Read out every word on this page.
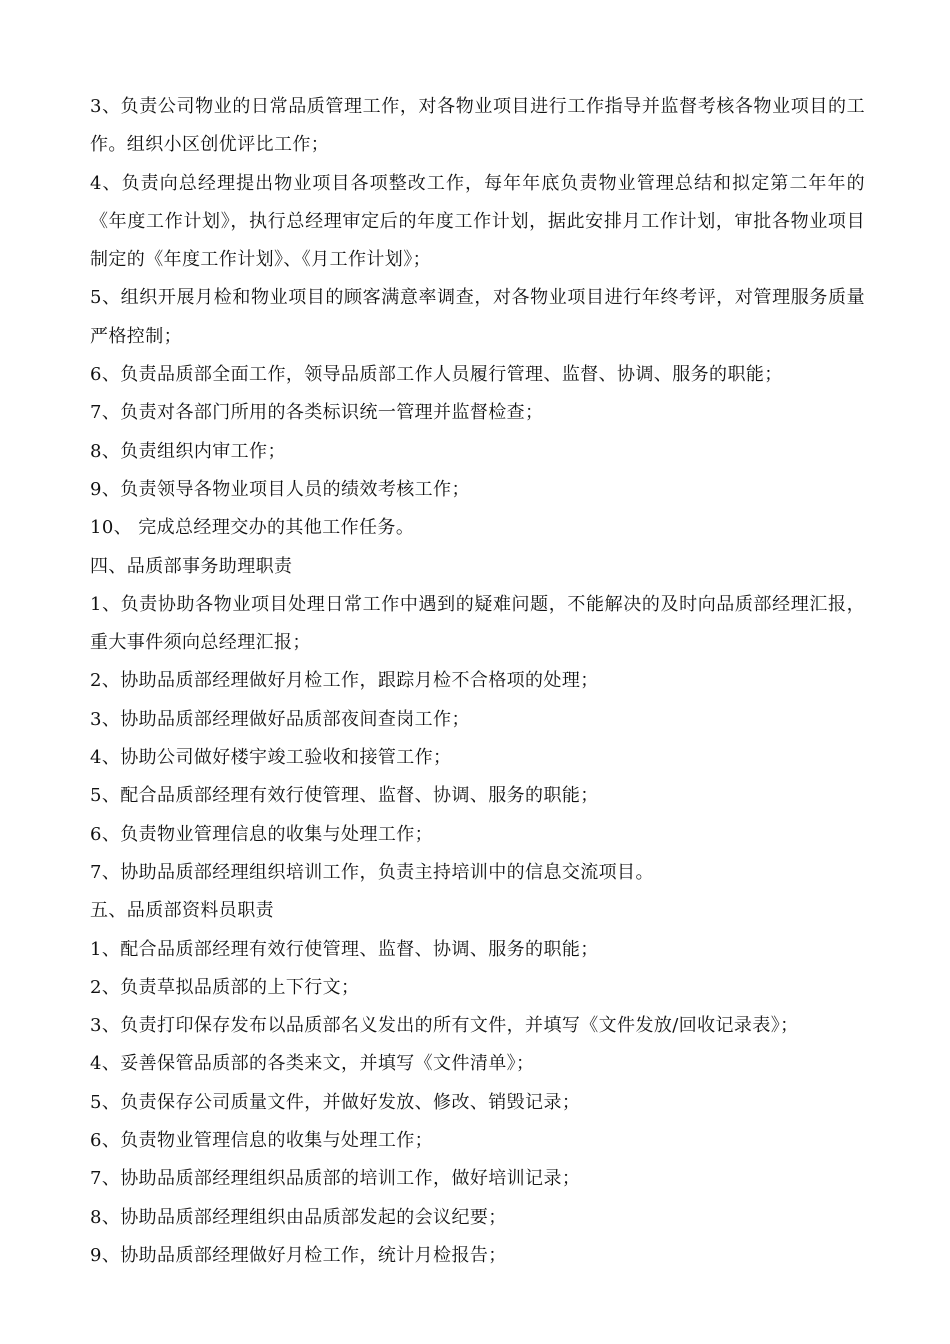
3、负责公司物业的日常品质管理工作，对各物业项目进行工作指导并监督考核各物业项目的工作。组织小区创优评比工作；
4、负责向总经理提出物业项目各项整改工作，每年年底负责物业管理总结和拟定第二年年的《年度工作计划》，执行总经理审定后的年度工作计划，据此安排月工作计划，审批各物业项目制定的《年度工作计划》、《月工作计划》；
5、组织开展月检和物业项目的顾客满意率调查，对各物业项目进行年终考评，对管理服务质量严格控制；
6、负责品质部全面工作，领导品质部工作人员履行管理、监督、协调、服务的职能；
7、负责对各部门所用的各类标识统一管理并监督检查；
8、负责组织内审工作；
9、负责领导各物业项目人员的绩效考核工作；
10、 完成总经理交办的其他工作任务。
四、品质部事务助理职责
1、负责协助各物业项目处理日常工作中遇到的疑难问题，不能解决的及时向品质部经理汇报，重大事件须向总经理汇报；
2、协助品质部经理做好月检工作，跟踪月检不合格项的处理；
3、协助品质部经理做好品质部夜间查岗工作；
4、协助公司做好楼宇竣工验收和接管工作；
5、配合品质部经理有效行使管理、监督、协调、服务的职能；
6、负责物业管理信息的收集与处理工作；
7、协助品质部经理组织培训工作，负责主持培训中的信息交流项目。
五、品质部资料员职责
1、配合品质部经理有效行使管理、监督、协调、服务的职能；
2、负责草拟品质部的上下行文；
3、负责打印保存发布以品质部名义发出的所有文件，并填写《文件发放/回收记录表》；
4、妥善保管品质部的各类来文，并填写《文件清单》；
5、负责保存公司质量文件，并做好发放、修改、销毁记录；
6、负责物业管理信息的收集与处理工作；
7、协助品质部经理组织品质部的培训工作，做好培训记录；
8、协助品质部经理组织由品质部发起的会议纪要；
9、协助品质部经理做好月检工作，统计月检报告；
